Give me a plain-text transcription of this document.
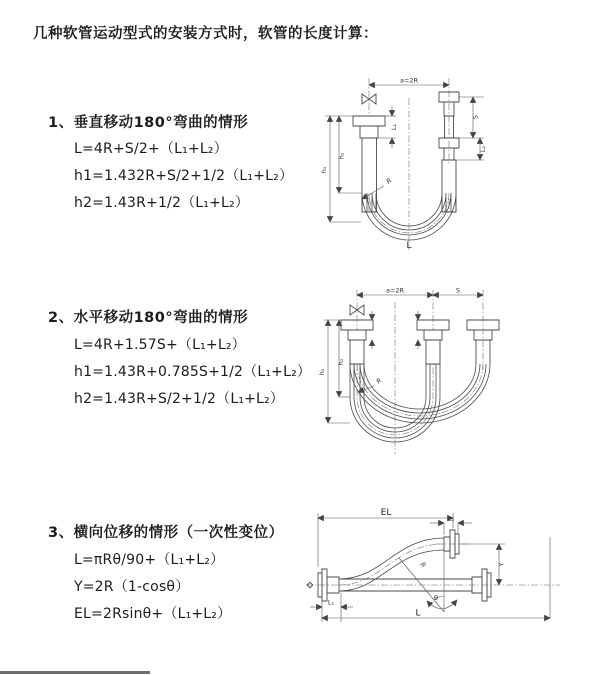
几种软管运动型式的安装方式时，软管的长度计算：
1、垂直移动180°弯曲的情形
L=4R+S/2+（L₁+L₂）
h1=1.432R+S/2+1/2（L₁+L₂）
h2=1.43R+1/2（L₁+L₂）
a=2R
L₁
S
L₂
h₁
h₂
R
L
2、水平移动180°弯曲的情形
L=4R+1.57S+（L₁+L₂）
h1=1.43R+0.785S+1/2（L₁+L₂）
h2=1.43R+S/2+1/2（L₁+L₂）
a=2R	S
h₁
h₂
R
3、横向位移的情形（一次性变位）
L=πRθ/90+（L₁+L₂）
Y=2R（1-cosθ）
EL=2Rsinθ+（L₁+L₂）
EL
L₂
Y
R
θ
L₁
L
